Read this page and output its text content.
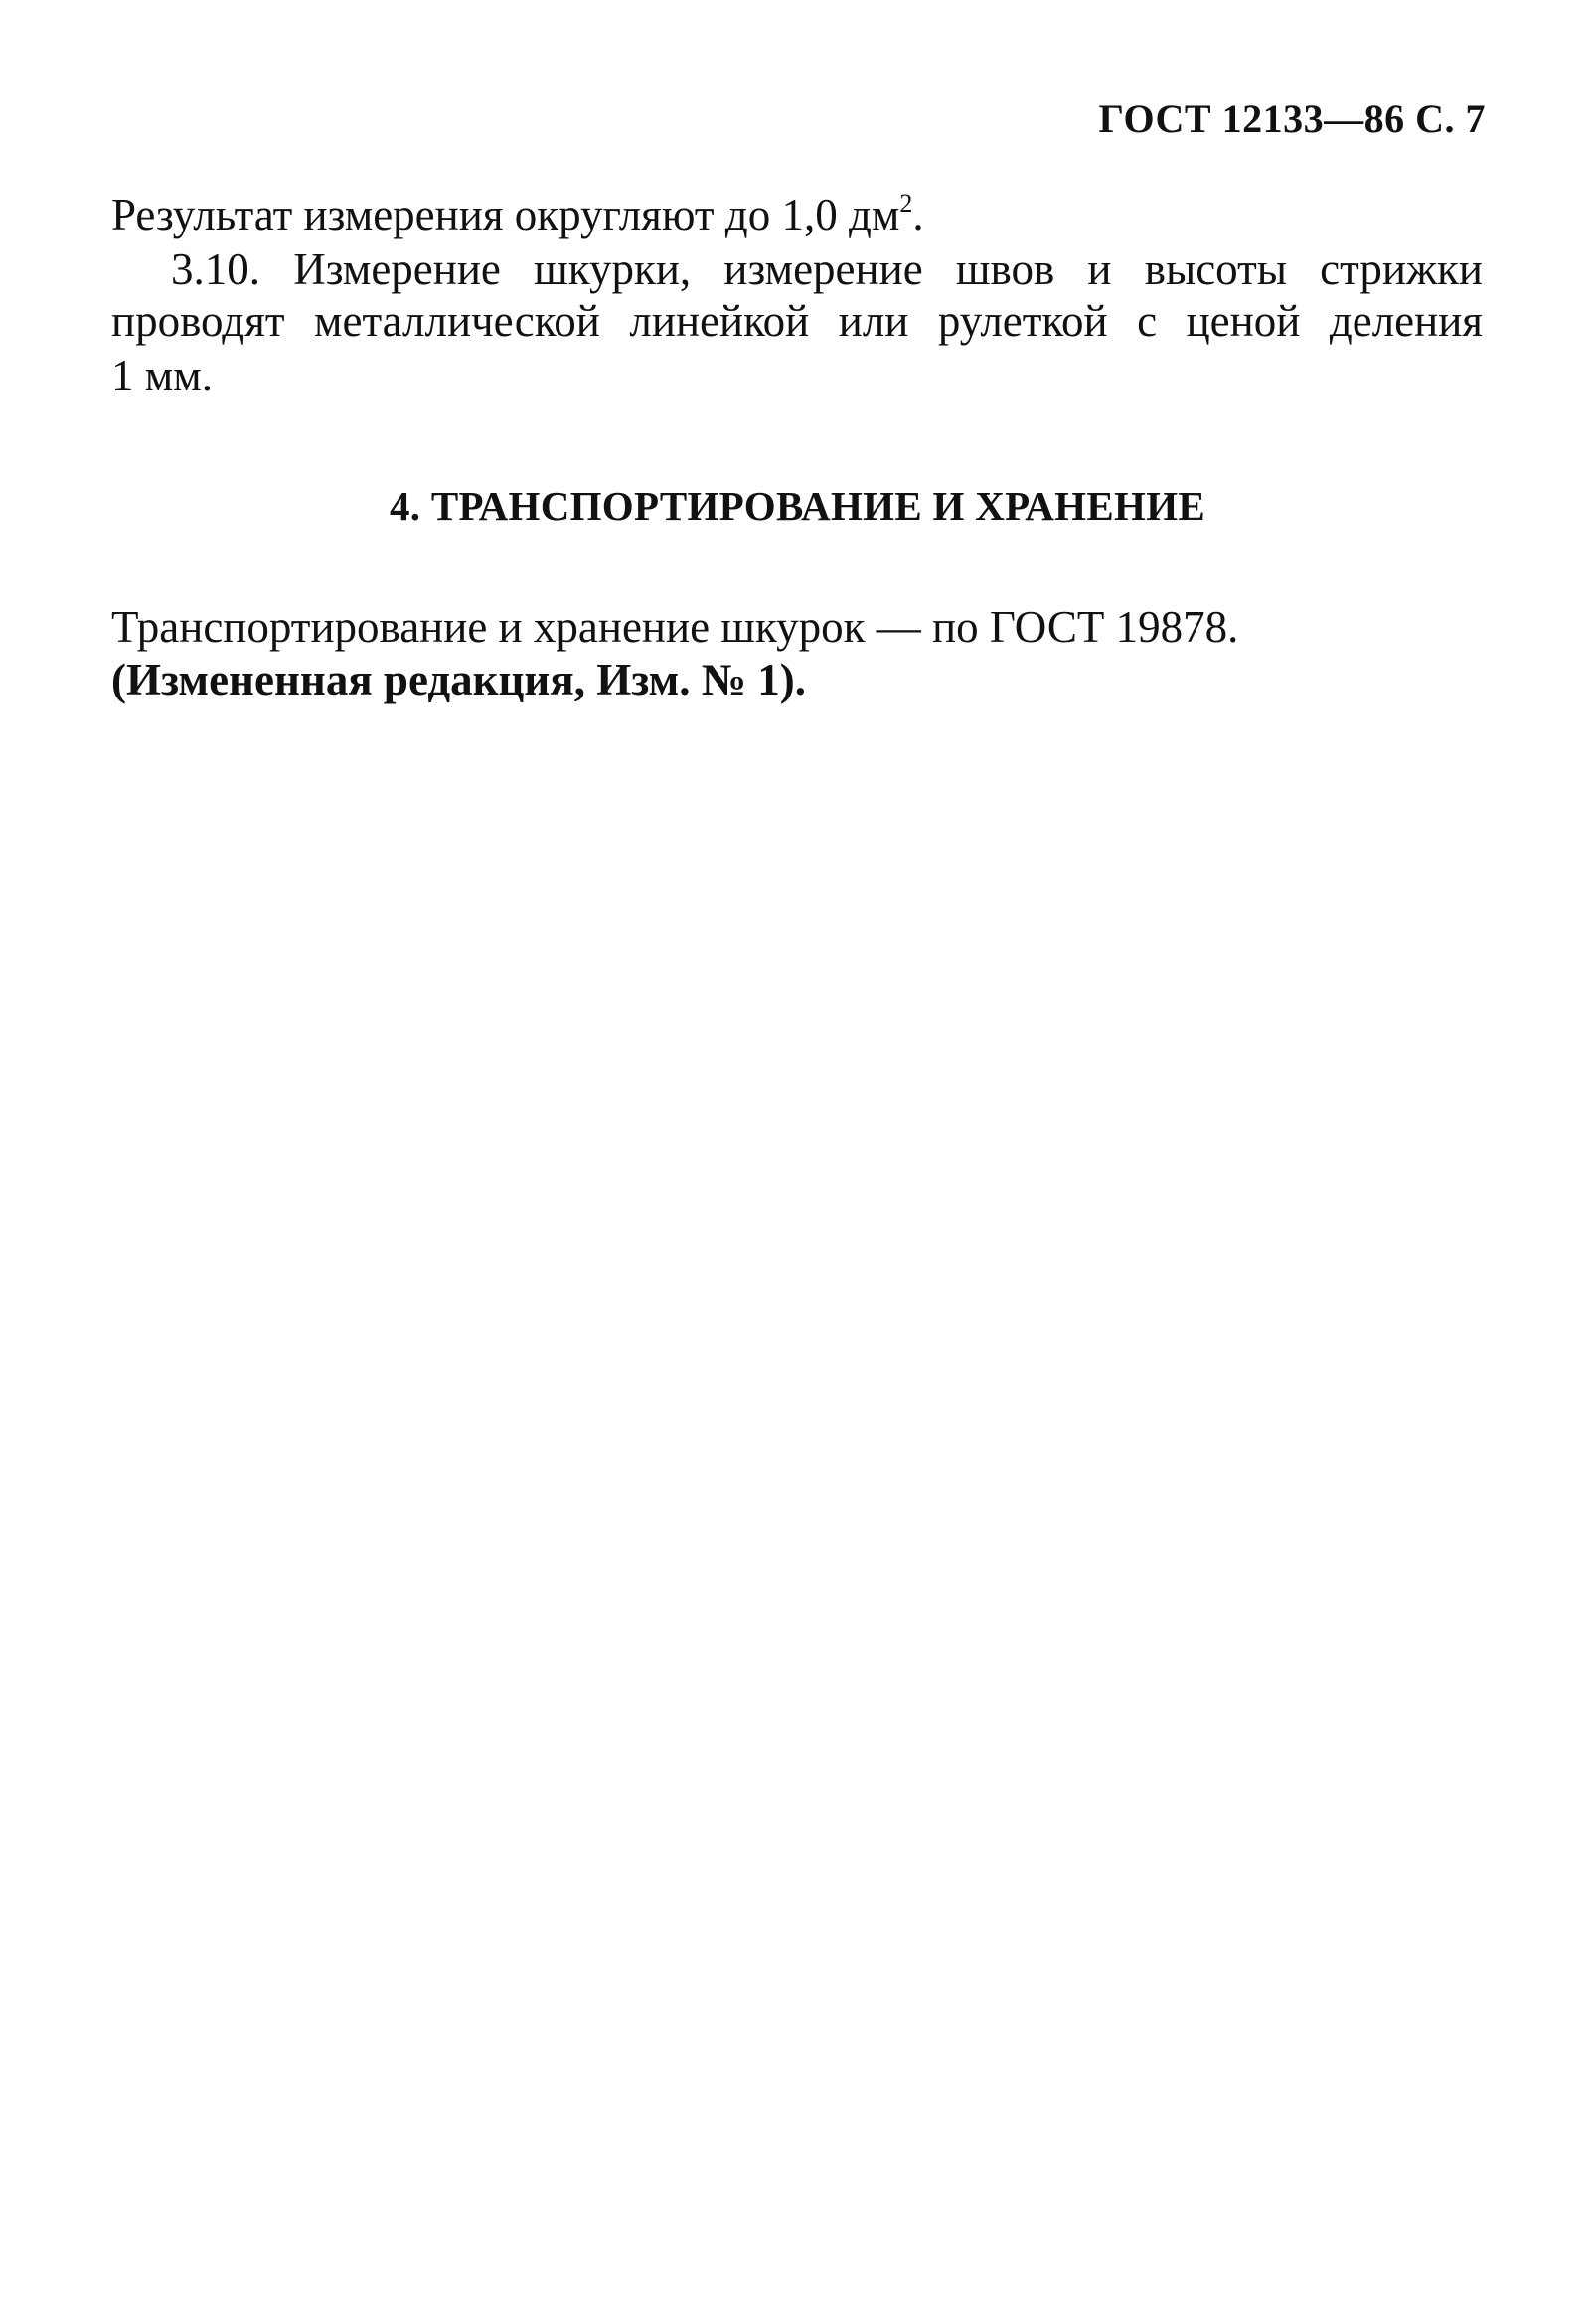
ГОСТ 12133—86 С. 7
Результат измерения округляют до 1,0 $дм^2$.
3.10. Измерение шкурки, измерение швов и высоты стрижки
проводят металлической линейкой или рулеткой с ценой деления
1 мм.
4. ТРАНСПОРТИРОВАНИЕ И ХРАНЕНИЕ
Транспортирование и хранение шкурок — по ГОСТ 19878.
(Измененная редакция, Изм. № 1).
